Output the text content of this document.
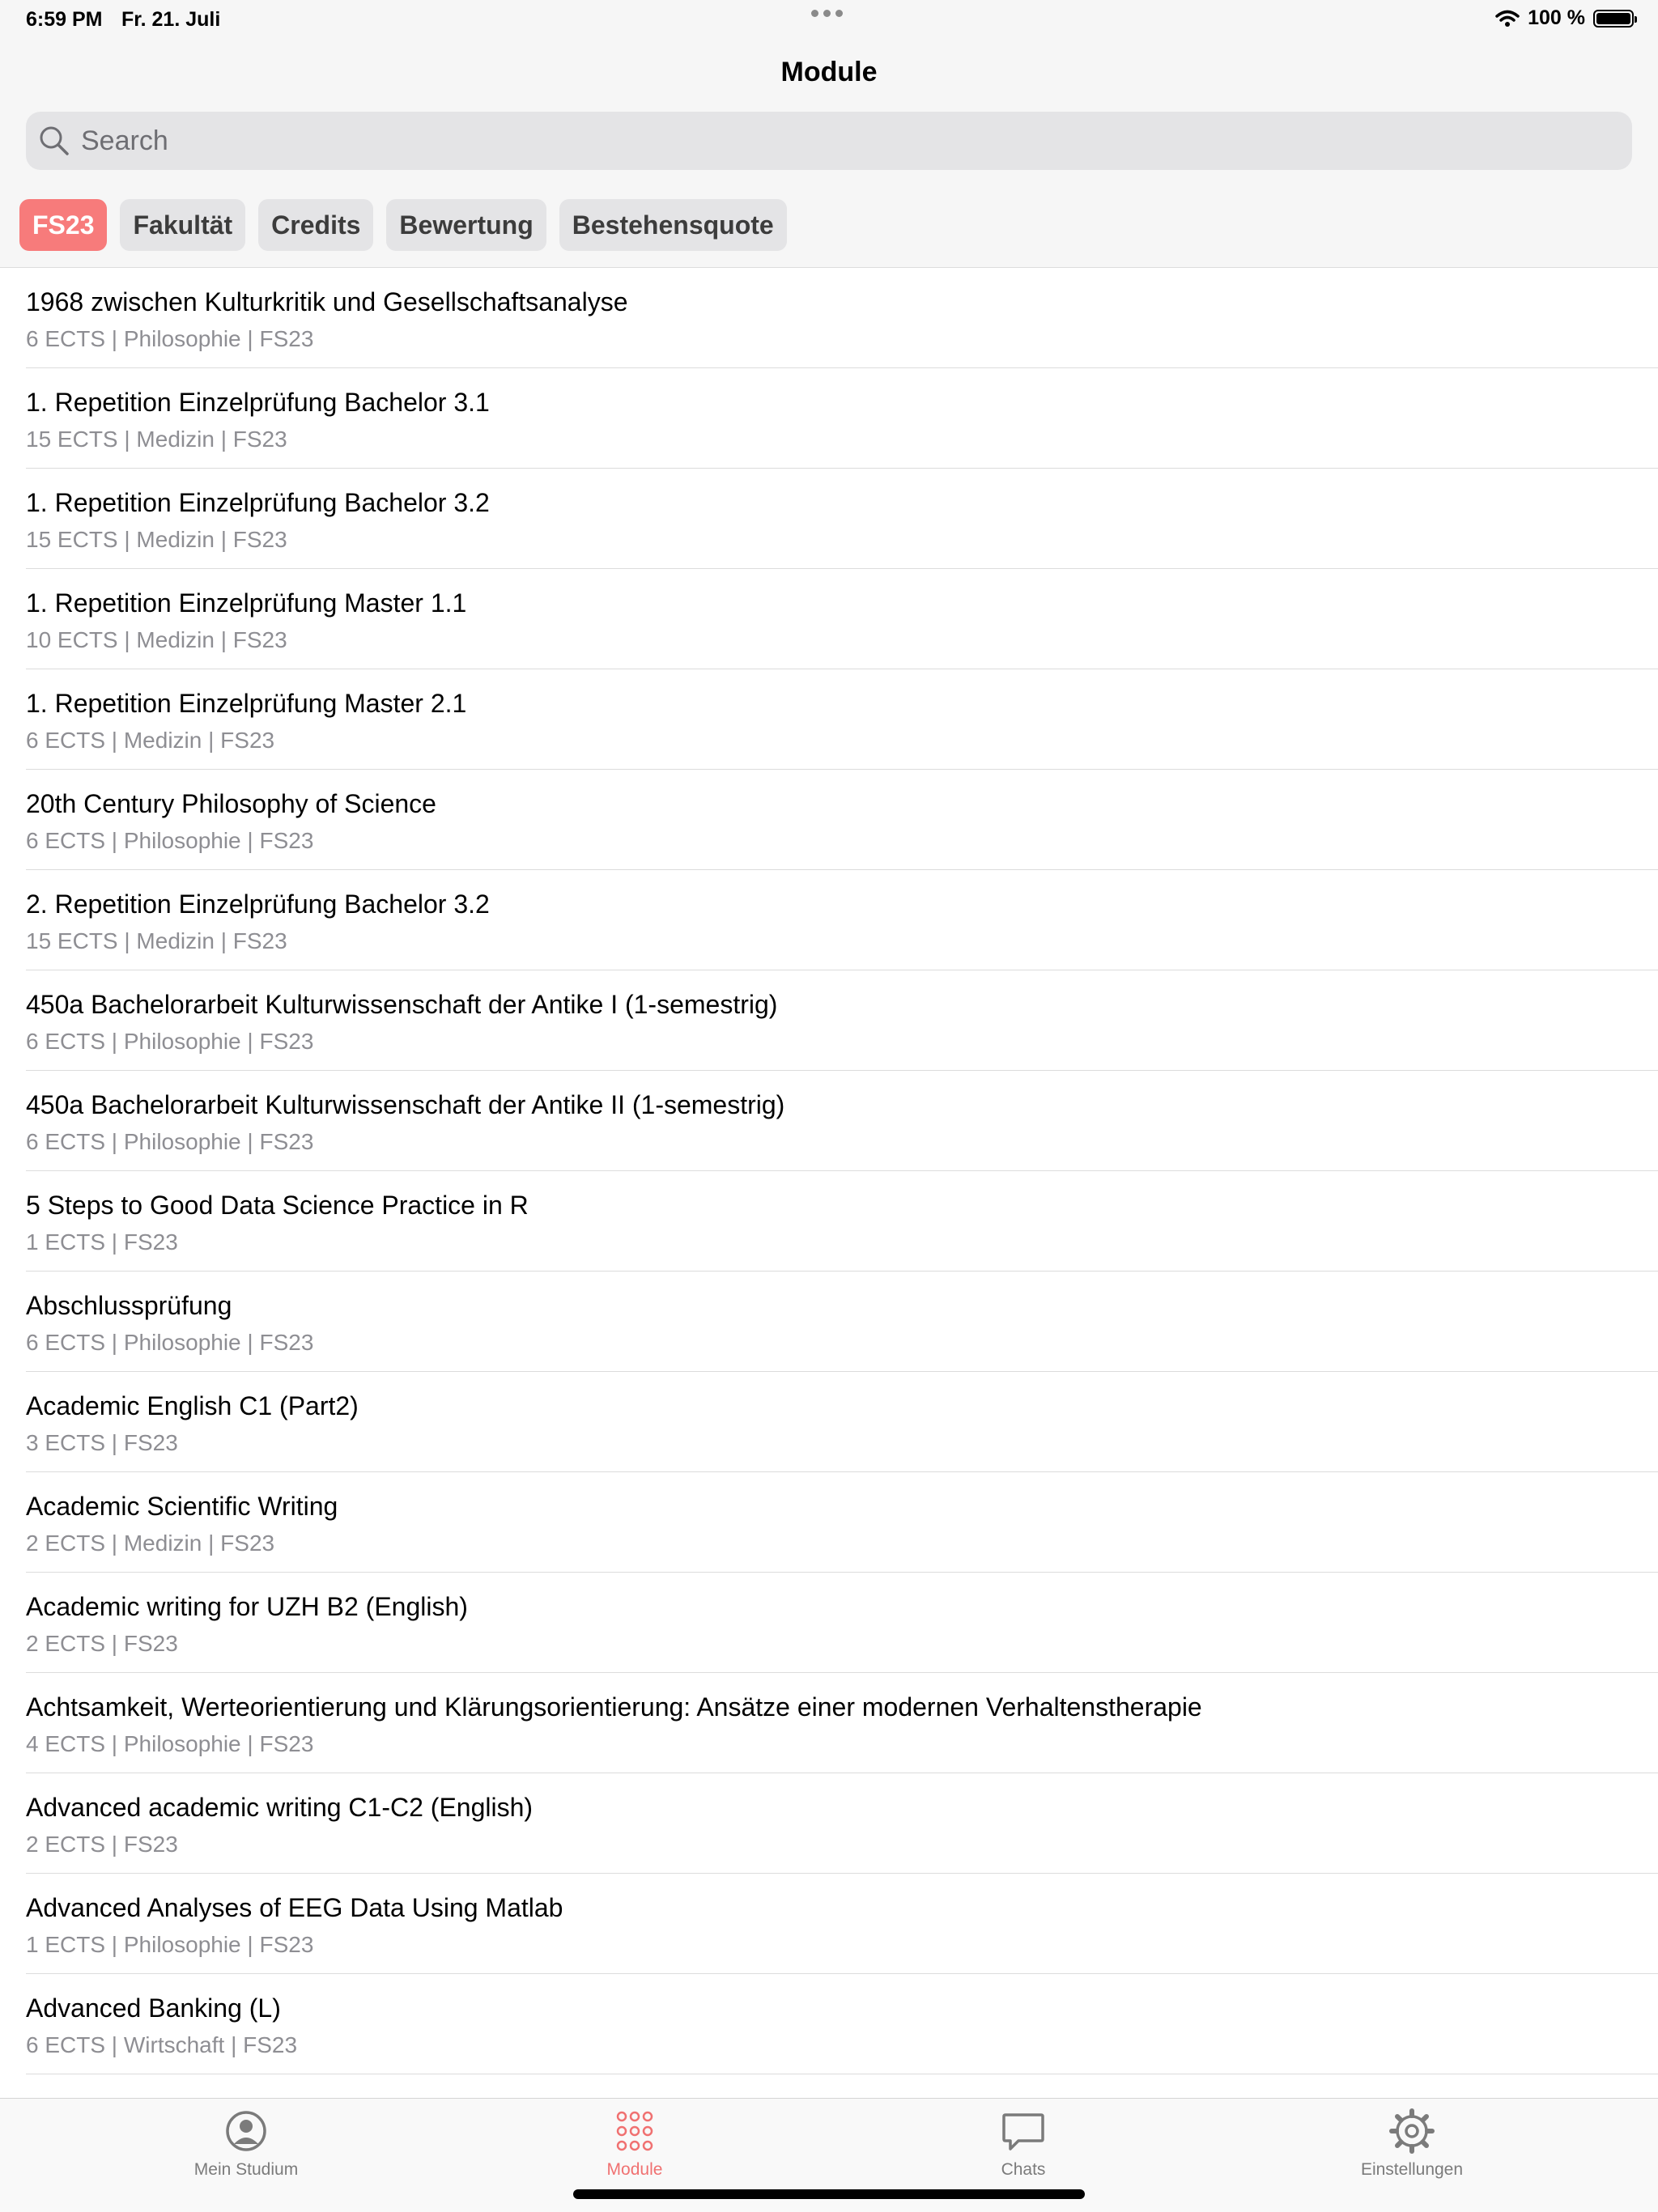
6:59 PM Fr. 21. Juli	100 %
Module
Search
FS23	Fakultät	Credits	Bewertung	Bestehensquote
1968 zwischen Kulturkritik und Gesellschaftsanalyse
6 ECTS | Philosophie | FS23
1. Repetition Einzelprüfung Bachelor 3.1
15 ECTS | Medizin | FS23
1. Repetition Einzelprüfung Bachelor 3.2
15 ECTS | Medizin | FS23
1. Repetition Einzelprüfung Master 1.1
10 ECTS | Medizin | FS23
1. Repetition Einzelprüfung Master 2.1
6 ECTS | Medizin | FS23
20th Century Philosophy of Science
6 ECTS | Philosophie | FS23
2. Repetition Einzelprüfung Bachelor 3.2
15 ECTS | Medizin | FS23
450a Bachelorarbeit Kulturwissenschaft der Antike I (1-semestrig)
6 ECTS | Philosophie | FS23
450a Bachelorarbeit Kulturwissenschaft der Antike II (1-semestrig)
6 ECTS | Philosophie | FS23
5 Steps to Good Data Science Practice in R
1 ECTS | FS23
Abschlussprüfung
6 ECTS | Philosophie | FS23
Academic English C1 (Part2)
3 ECTS | FS23
Academic Scientific Writing
2 ECTS | Medizin | FS23
Academic writing for UZH B2 (English)
2 ECTS | FS23
Achtsamkeit, Werteorientierung und Klärungsorientierung: Ansätze einer modernen Verhaltenstherapie
4 ECTS | Philosophie | FS23
Advanced academic writing C1-C2 (English)
2 ECTS | FS23
Advanced Analyses of EEG Data Using Matlab
1 ECTS | Philosophie | FS23
Advanced Banking (L)
6 ECTS | Wirtschaft | FS23
Mein Studium	Module	Chats	Einstellungen
